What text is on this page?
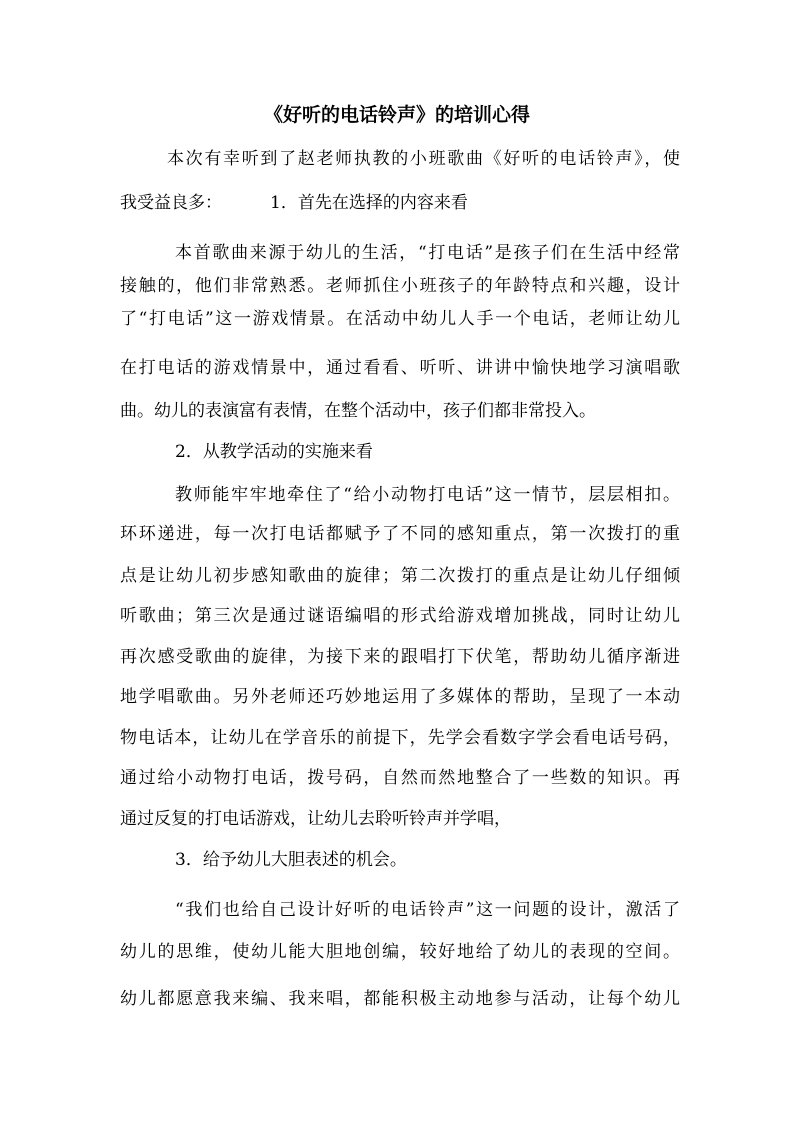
《好听的电话铃声》的培训心得
本次有幸听到了赵老师执教的小班歌曲《好听的电话铃声》，使
我受益良多：	1．首先在选择的内容来看
本首歌曲来源于幼儿的生活，“打电话”是孩子们在生活中经常
接触的，他们非常熟悉。老师抓住小班孩子的年龄特点和兴趣，设计
了“打电话”这一游戏情景。在活动中幼儿人手一个电话，老师让幼儿
在打电话的游戏情景中，通过看看、听听、讲讲中愉快地学习演唱歌
曲。幼儿的表演富有表情，在整个活动中，孩子们都非常投入。
2．从教学活动的实施来看
教师能牢牢地牵住了“给小动物打电话”这一情节，层层相扣。
环环递进，每一次打电话都赋予了不同的感知重点，第一次拨打的重
点是让幼儿初步感知歌曲的旋律；第二次拨打的重点是让幼儿仔细倾
听歌曲；第三次是通过谜语编唱的形式给游戏增加挑战，同时让幼儿
再次感受歌曲的旋律，为接下来的跟唱打下伏笔，帮助幼儿循序渐进
地学唱歌曲。另外老师还巧妙地运用了多媒体的帮助，呈现了一本动
物电话本，让幼儿在学音乐的前提下，先学会看数字学会看电话号码，
通过给小动物打电话，拨号码，自然而然地整合了一些数的知识。再
通过反复的打电话游戏，让幼儿去聆听铃声并学唱，
3．给予幼儿大胆表述的机会。
“我们也给自己设计好听的电话铃声”这一问题的设计，激活了
幼儿的思维，使幼儿能大胆地创编，较好地给了幼儿的表现的空间。
幼儿都愿意我来编、我来唱，都能积极主动地参与活动，让每个幼儿
